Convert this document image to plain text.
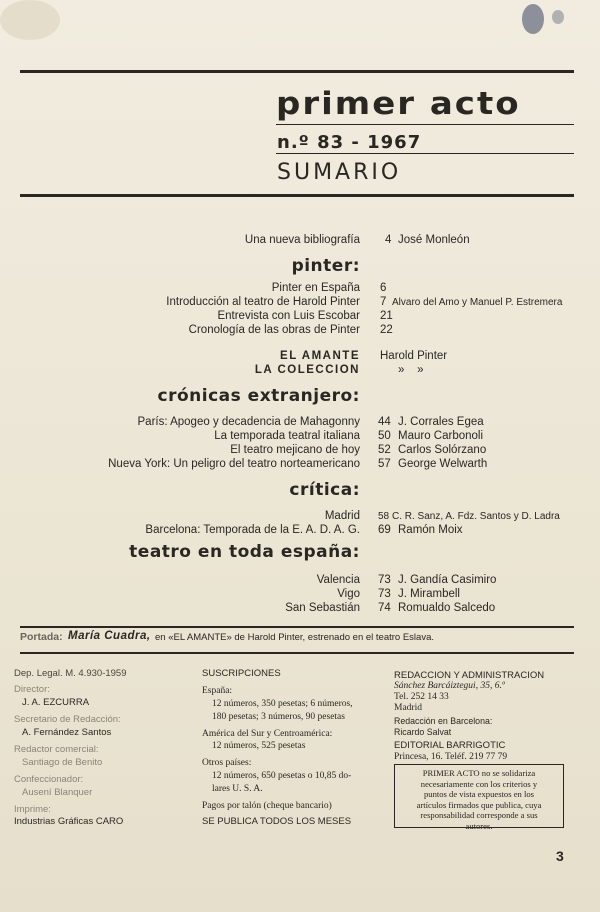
primer acto
n.º 83 - 1967
SUMARIO
Una nueva bibliografía 4 José Monleón
pinter:
Pinter en España 6
Introducción al teatro de Harold Pinter 7 Alvaro del Amo y Manuel P. Estremera
Entrevista con Luis Escobar 21
Cronología de las obras de Pinter 22
EL AMANTE Harold Pinter
LA COLECCION	»    »
crónicas extranjero:
París: Apogeo y decadencia de Mahagonny 44 J. Corrales Egea
La temporada teatral italiana 50 Mauro Carbonoli
El teatro mejicano de hoy 52 Carlos Solórzano
Nueva York: Un peligro del teatro norteamericano 57 George Welwarth
crítica:
Madrid 58 C. R. Sanz, A. Fdz. Santos y D. Ladra
Barcelona: Temporada de la E. A. D. A. G. 69 Ramón Moix
teatro en toda españa:
Valencia 73 J. Gandía Casimiro
Vigo 73 J. Mirambell
San Sebastián 74 Romualdo Salcedo
Portada: María Cuadra, en «EL AMANTE» de Harold Pinter, estrenado en el teatro Eslava.
Dep. Legal. M. 4.930-1959
Director:
J. A. EZCURRA
Secretario de Redacción:
A. Fernández Santos
Redactor comercial:
Santiago de Benito
Confeccionador:
Ausení Blanquer
Imprime:
Industrias Gráficas CARO
SUSCRIPCIONES
España:
12 números, 350 pesetas; 6 números,
180 pesetas; 3 números, 90 pesetas
América del Sur y Centroamérica:
12 números, 525 pesetas
Otros países:
12 números, 650 pesetas o 10,85 do-
lares U. S. A.
Pagos por talón (cheque bancario)
SE PUBLICA TODOS LOS MESES
REDACCION Y ADMINISTRACION
Sánchez Barcáiztegui, 35, 6.º
Tel. 252 14 33
Madrid
Redacción en Barcelona:
Ricardo Salvat
EDITORIAL BARRIGOTIC
Princesa, 16. Teléf. 219 77 79
PRIMER ACTO no se solidariza
necesariamente con los criterios y
puntos de vista expuestos en los
artículos firmados que publica, cuya
responsabilidad corresponde a sus
autores.
3
